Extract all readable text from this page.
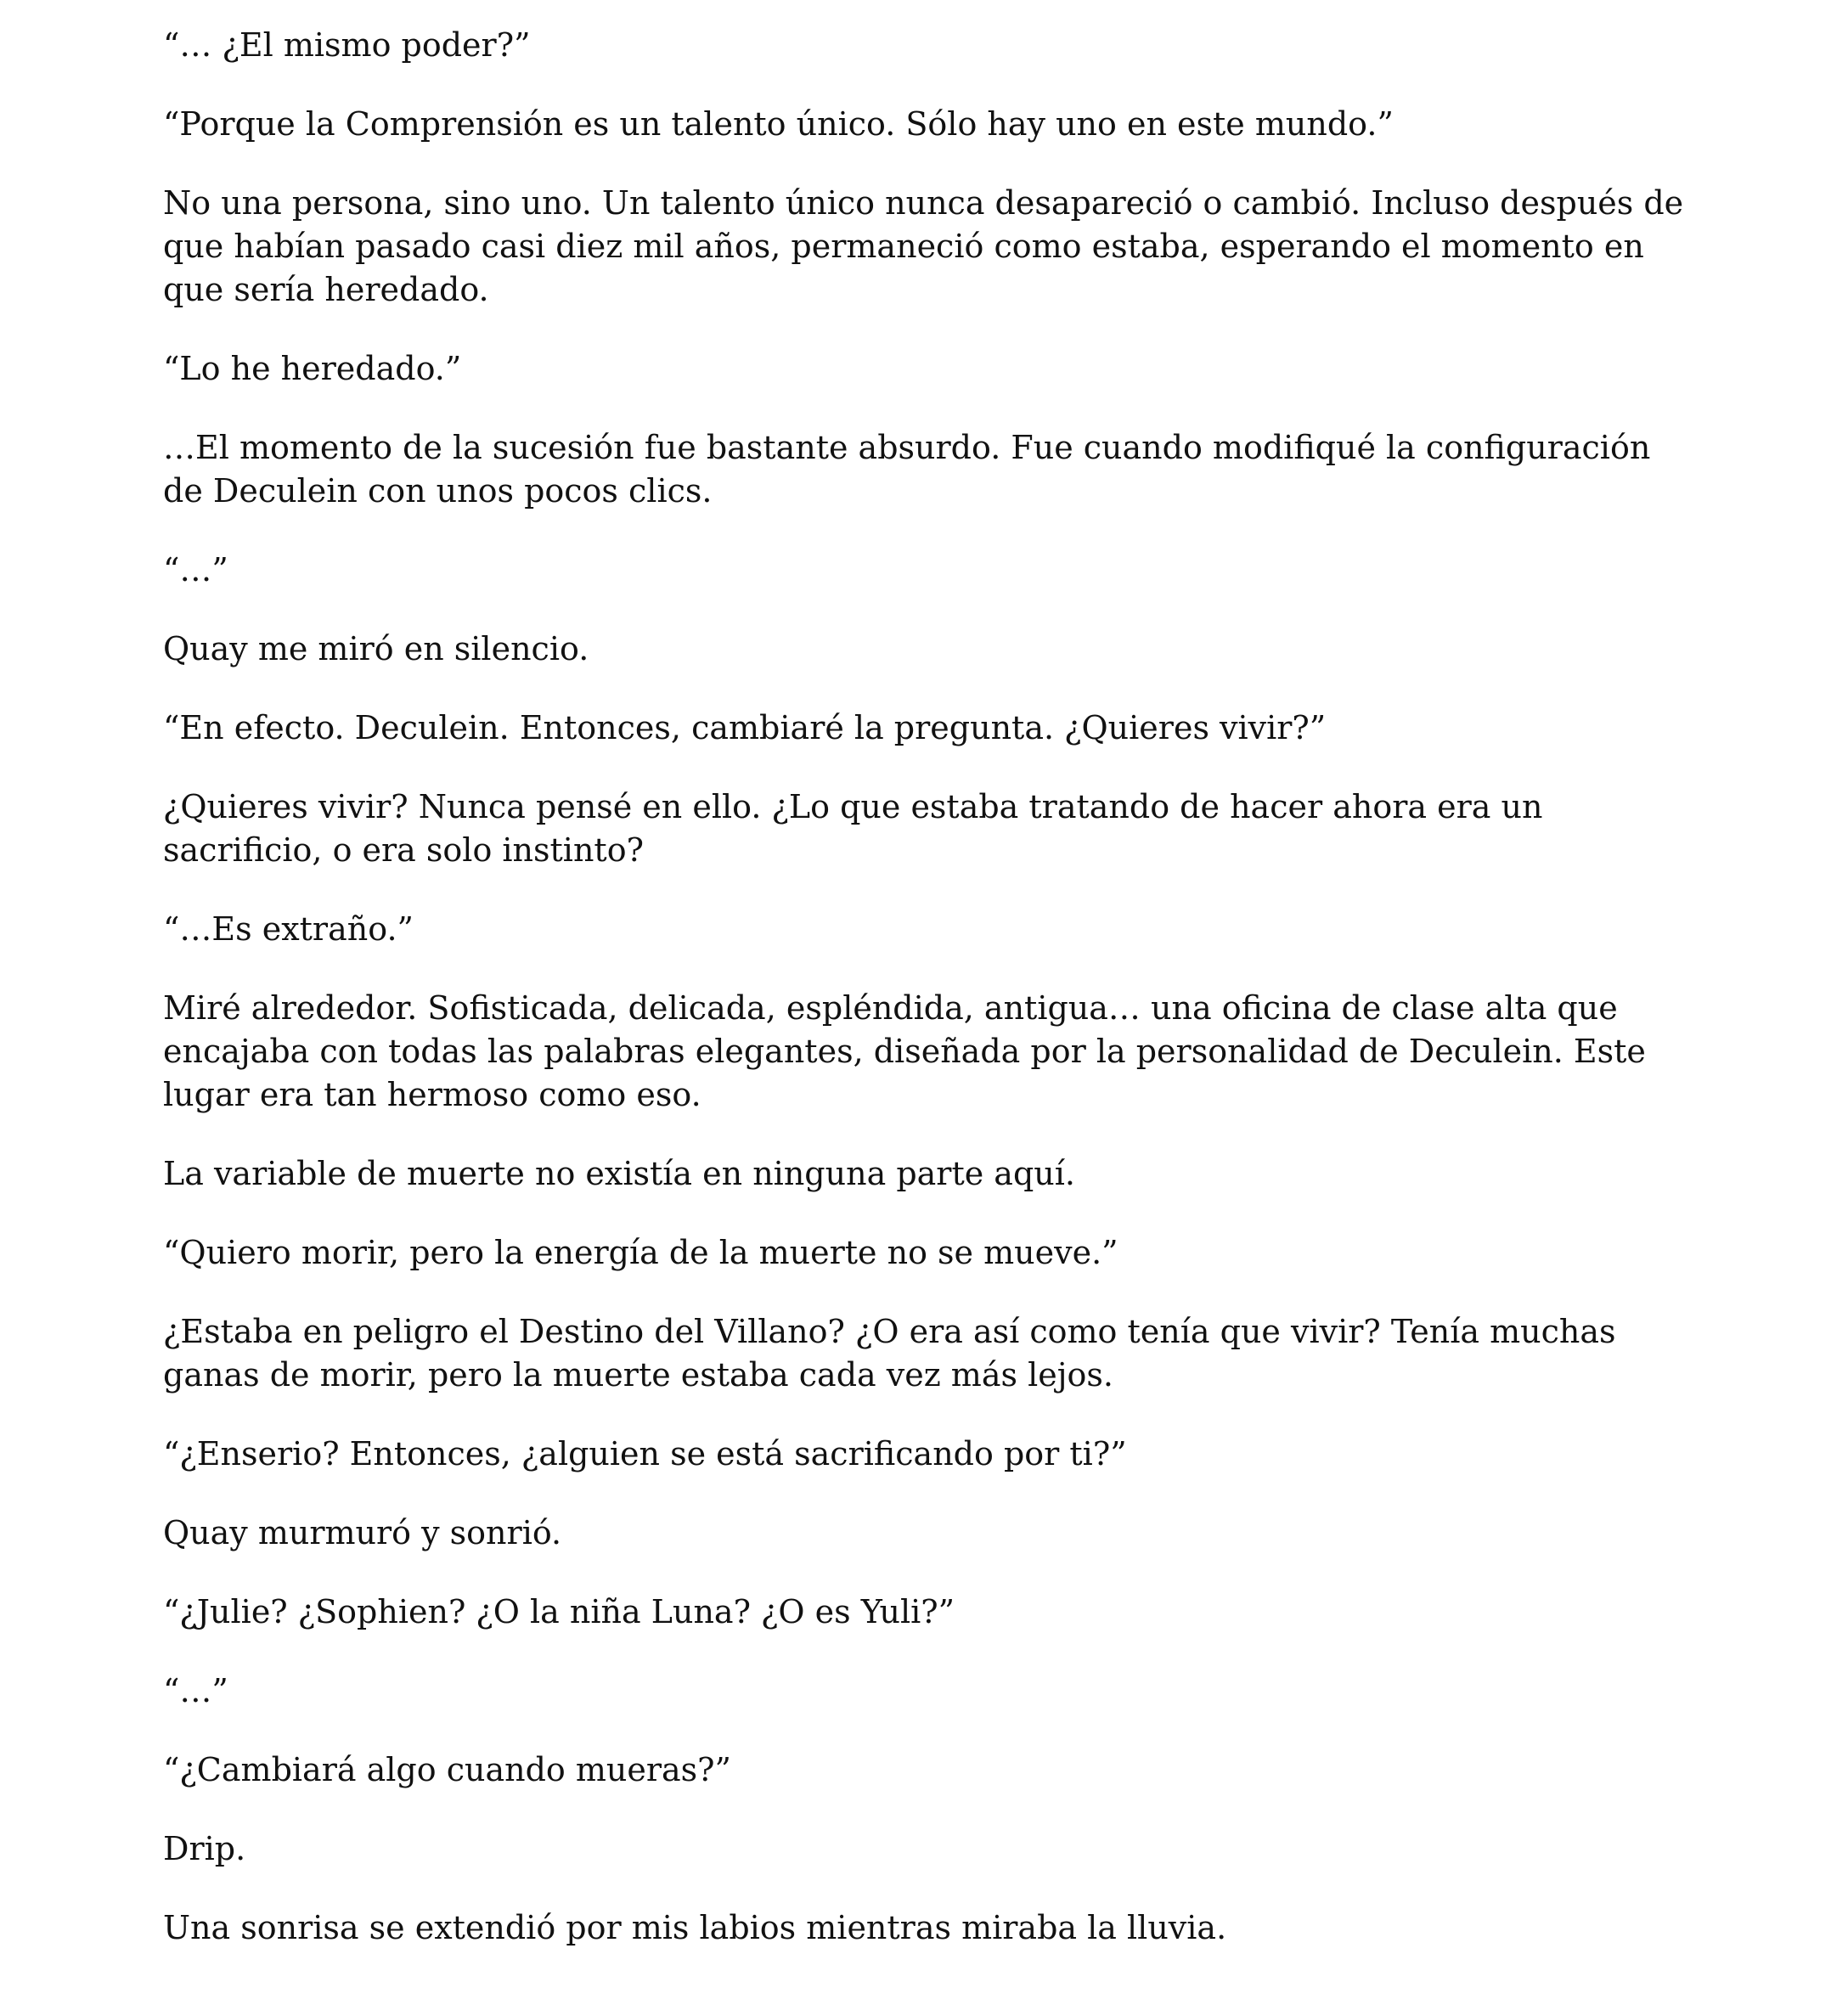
“… ¿El mismo poder?”

“Porque la Comprensión es un talento único. Sólo hay uno en este mundo.”

No una persona, sino uno. Un talento único nunca desapareció o cambió. Incluso después de que habían pasado casi diez mil años, permaneció como estaba, esperando el momento en que sería heredado.

“Lo he heredado.”

…El momento de la sucesión fue bastante absurdo. Fue cuando modifiqué la configuración de Deculein con unos pocos clics.

“…”

Quay me miró en silencio.

“En efecto. Deculein. Entonces, cambiaré la pregunta. ¿Quieres vivir?”

¿Quieres vivir? Nunca pensé en ello. ¿Lo que estaba tratando de hacer ahora era un sacrificio, o era solo instinto?

“…Es extraño.”

Miré alrededor. Sofisticada, delicada, espléndida, antigua… una oficina de clase alta que encajaba con todas las palabras elegantes, diseñada por la personalidad de Deculein. Este lugar era tan hermoso como eso.

La variable de muerte no existía en ninguna parte aquí.

“Quiero morir, pero la energía de la muerte no se mueve.”

¿Estaba en peligro el Destino del Villano? ¿O era así como tenía que vivir? Tenía muchas ganas de morir, pero la muerte estaba cada vez más lejos.

“¿Enserio? Entonces, ¿alguien se está sacrificando por ti?”

Quay murmuró y sonrió.

“¿Julie? ¿Sophien? ¿O la niña Luna? ¿O es Yuli?”

“…”

“¿Cambiará algo cuando mueras?”

Drip.

Una sonrisa se extendió por mis labios mientras miraba la lluvia.
